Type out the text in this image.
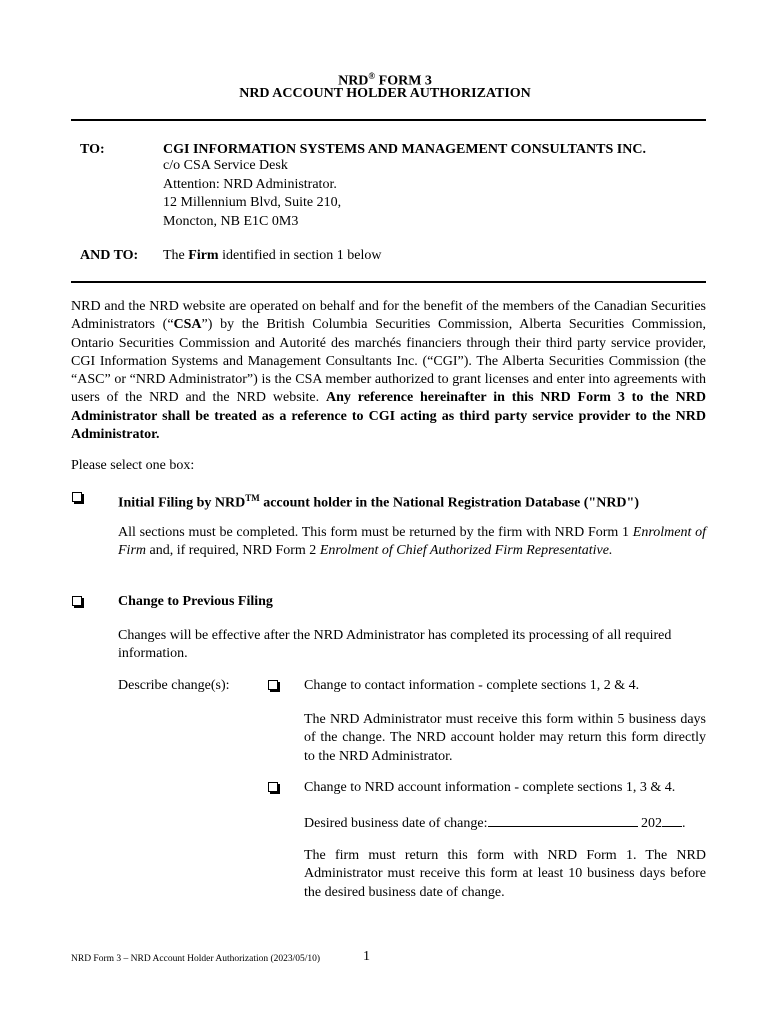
NRD® FORM 3
NRD ACCOUNT HOLDER AUTHORIZATION
TO:	CGI INFORMATION SYSTEMS AND MANAGEMENT CONSULTANTS INC.
c/o CSA Service Desk
Attention: NRD Administrator.
12 Millennium Blvd, Suite 210,
Moncton, NB E1C 0M3
AND TO: The Firm identified in section 1 below
NRD and the NRD website are operated on behalf and for the benefit of the members of the Canadian Securities Administrators (“CSA”) by the British Columbia Securities Commission, Alberta Securities Commission, Ontario Securities Commission and Autorité des marchés financiers through their third party service provider, CGI Information Systems and Management Consultants Inc. (“CGI”). The Alberta Securities Commission (the “ASC” or “NRD Administrator”) is the CSA member authorized to grant licenses and enter into agreements with users of the NRD and the NRD website. Any reference hereinafter in this NRD Form 3 to the NRD Administrator shall be treated as a reference to CGI acting as third party service provider to the NRD Administrator.
Please select one box:
Initial Filing by NRD™ account holder in the National Registration Database ("NRD")
All sections must be completed. This form must be returned by the firm with NRD Form 1 Enrolment of Firm and, if required, NRD Form 2 Enrolment of Chief Authorized Firm Representative.
Change to Previous Filing
Changes will be effective after the NRD Administrator has completed its processing of all required information.
Describe change(s):	Change to contact information - complete sections 1, 2 & 4.
The NRD Administrator must receive this form within 5 business days of the change. The NRD account holder may return this form directly to the NRD Administrator.
Change to NRD account information - complete sections 1, 3 & 4.
Desired business date of change:	202 .
The firm must return this form with NRD Form 1. The NRD Administrator must receive this form at least 10 business days before the desired business date of change.
NRD Form 3 – NRD Account Holder Authorization (2023/05/10)	1
